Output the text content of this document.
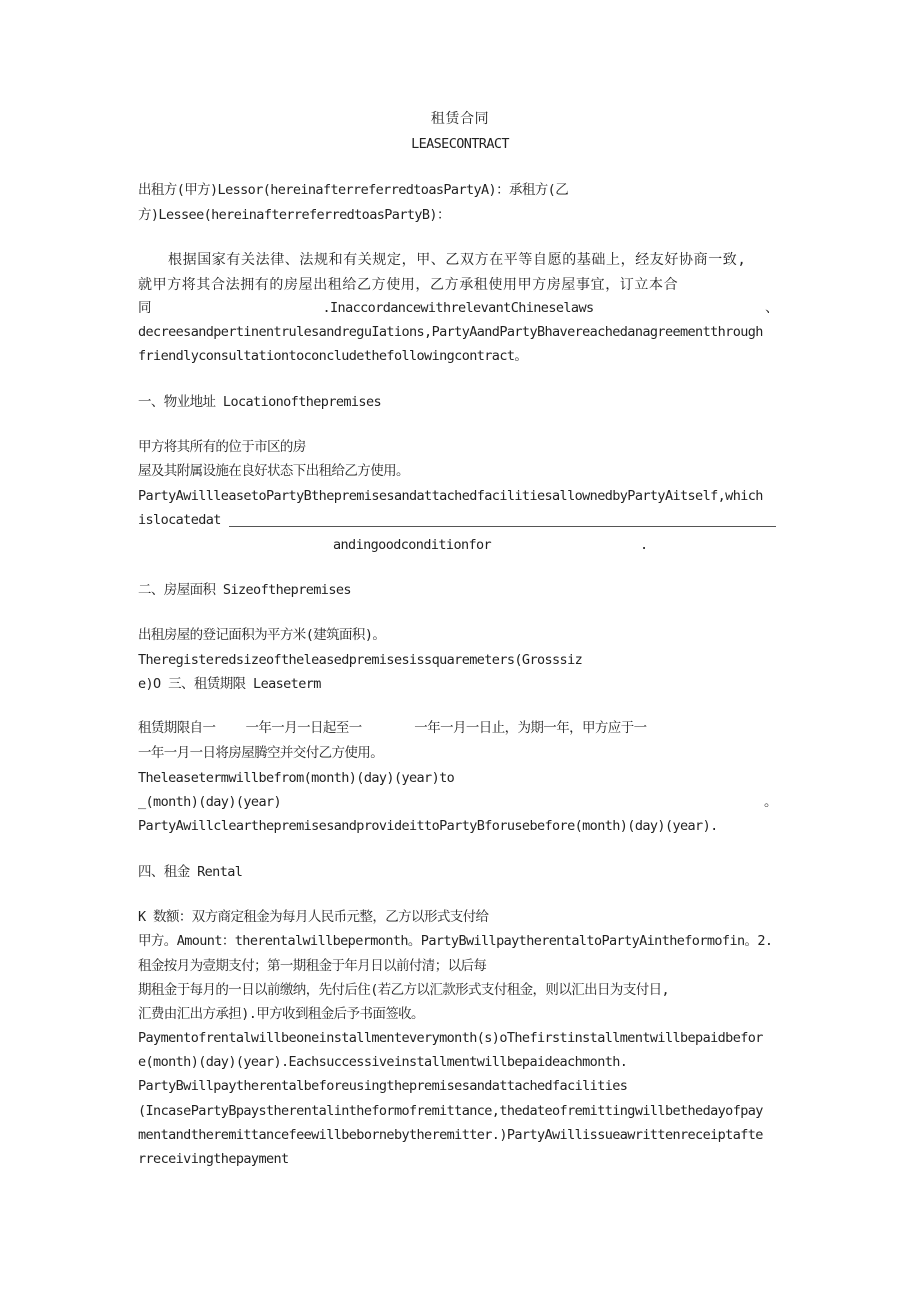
租赁合同
LEASECONTRACT
出租方(甲方)Lessor(hereinafterreferredtoasPartyA)：承租方(乙
方)Lessee(hereinafterreferredtoasPartyB)：
根据国家有关法律、法规和有关规定，甲、乙双方在平等自愿的基础上，经友好协商一致,
就甲方将其合法拥有的房屋出租给乙方使用，乙方承租使用甲方房屋事宜，订立本合
同	.InaccordancewithrelevantChineselaws	、
decreesandpertinentrulesandreguIations,PartyAandPartyBhavereachedanagreementthrough
friendlyconsultationtoconcludethefollowingcontract。
一、物业地址 Locationofthepremises
甲方将其所有的位于市区的房
屋及其附属设施在良好状态下出租给乙方使用。
PartyAwillleasetoPartyBthepremisesandattachedfacilitiesallownedbyPartyAitself,which
islocatedat
andingoodconditionfor	.
二、房屋面积 Sizeofthepremises
出租房屋的登记面积为平方米(建筑面积)。
Theregisteredsizeoftheleasedpremisesissquaremeters(Grosssiz
e)O 三、租赁期限 Leaseterm
租赁期限自一    一年一月一日起至一       一年一月一日止，为期一年，甲方应于一
一年一月一日将房屋腾空并交付乙方使用。
Theleasetermwillbefrom(month)(day)(year)to
_(month)(day)(year)	。
PartyAwillclearthepremisesandprovideittoPartyBforusebefore(month)(day)(year).
四、租金 Rental
K 数额：双方商定租金为每月人民币元整，乙方以形式支付给
甲方。Amount：therentalwillbepermonth。PartyBwillpaytherentaltoPartyAintheformofin。2.
租金按月为壹期支付；第一期租金于年月日以前付清；以后每
期租金于每月的一日以前缴纳，先付后住(若乙方以汇款形式支付租金，则以汇出日为支付日,
汇费由汇出方承担).甲方收到租金后予书面签收。
Paymentofrentalwillbeoneinstallmenteverymonth(s)oThefirstinstallmentwillbepaidbefor
e(month)(day)(year).Eachsuccessiveinstallmentwillbepaideachmonth.
PartyBwillpaytherentalbeforeusingthepremisesandattachedfacilities
(IncasePartyBpaystherentalintheformofremittance,thedateofremittingwillbethedayofpay
mentandtheremittancefeewillbebornebytheremitter.)PartyAwillissueawrittenreceiptafte
rreceivingthepayment
